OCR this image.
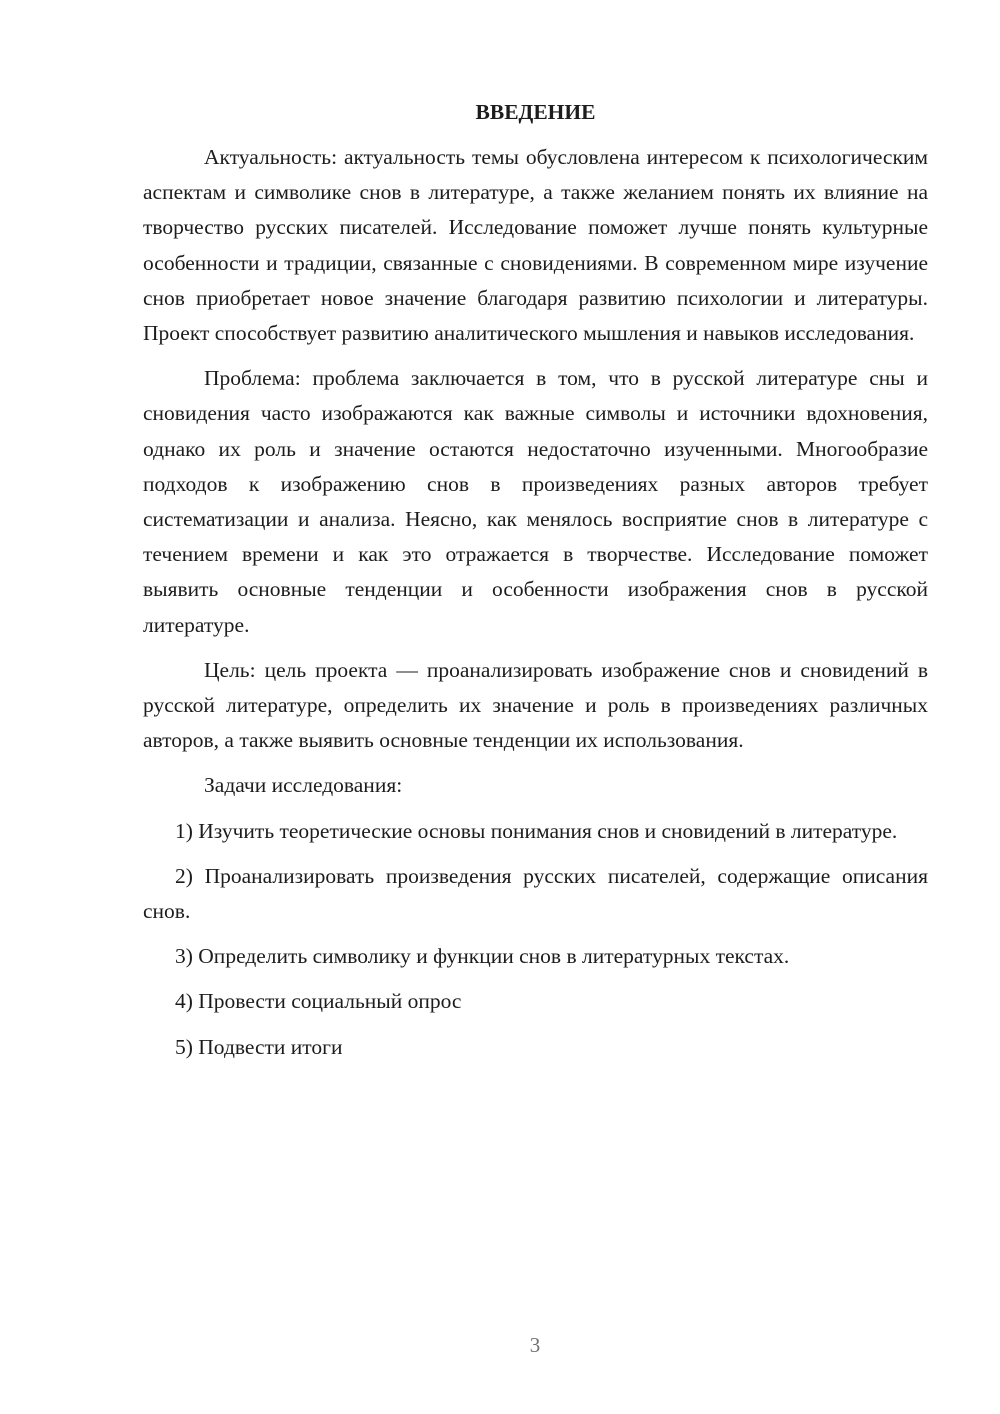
ВВЕДЕНИЕ

Актуальность: актуальность темы обусловлена интересом к психологическим аспектам и символике снов в литературе, а также желанием понять их влияние на творчество русских писателей. Исследование поможет лучше понять культурные особенности и традиции, связанные с сновидениями. В современном мире изучение снов приобретает новое значение благодаря развитию психологии и литературы. Проект способствует развитию аналитического мышления и навыков исследования.

Проблема: проблема заключается в том, что в русской литературе сны и сновидения часто изображаются как важные символы и источники вдохновения, однако их роль и значение остаются недостаточно изученными. Многообразие подходов к изображению снов в произведениях разных авторов требует систематизации и анализа. Неясно, как менялось восприятие снов в литературе с течением времени и как это отражается в творчестве. Исследование поможет выявить основные тенденции и особенности изображения снов в русской литературе.

Цель: цель проекта — проанализировать изображение снов и сновидений в русской литературе, определить их значение и роль в произведениях различных авторов, а также выявить основные тенденции их использования.

Задачи исследования:

1) Изучить теоретические основы понимания снов и сновидений в литературе.

2) Проанализировать произведения русских писателей, содержащие описания снов.

3) Определить символику и функции снов в литературных текстах.

4) Провести социальный опрос

5) Подвести итоги

3
